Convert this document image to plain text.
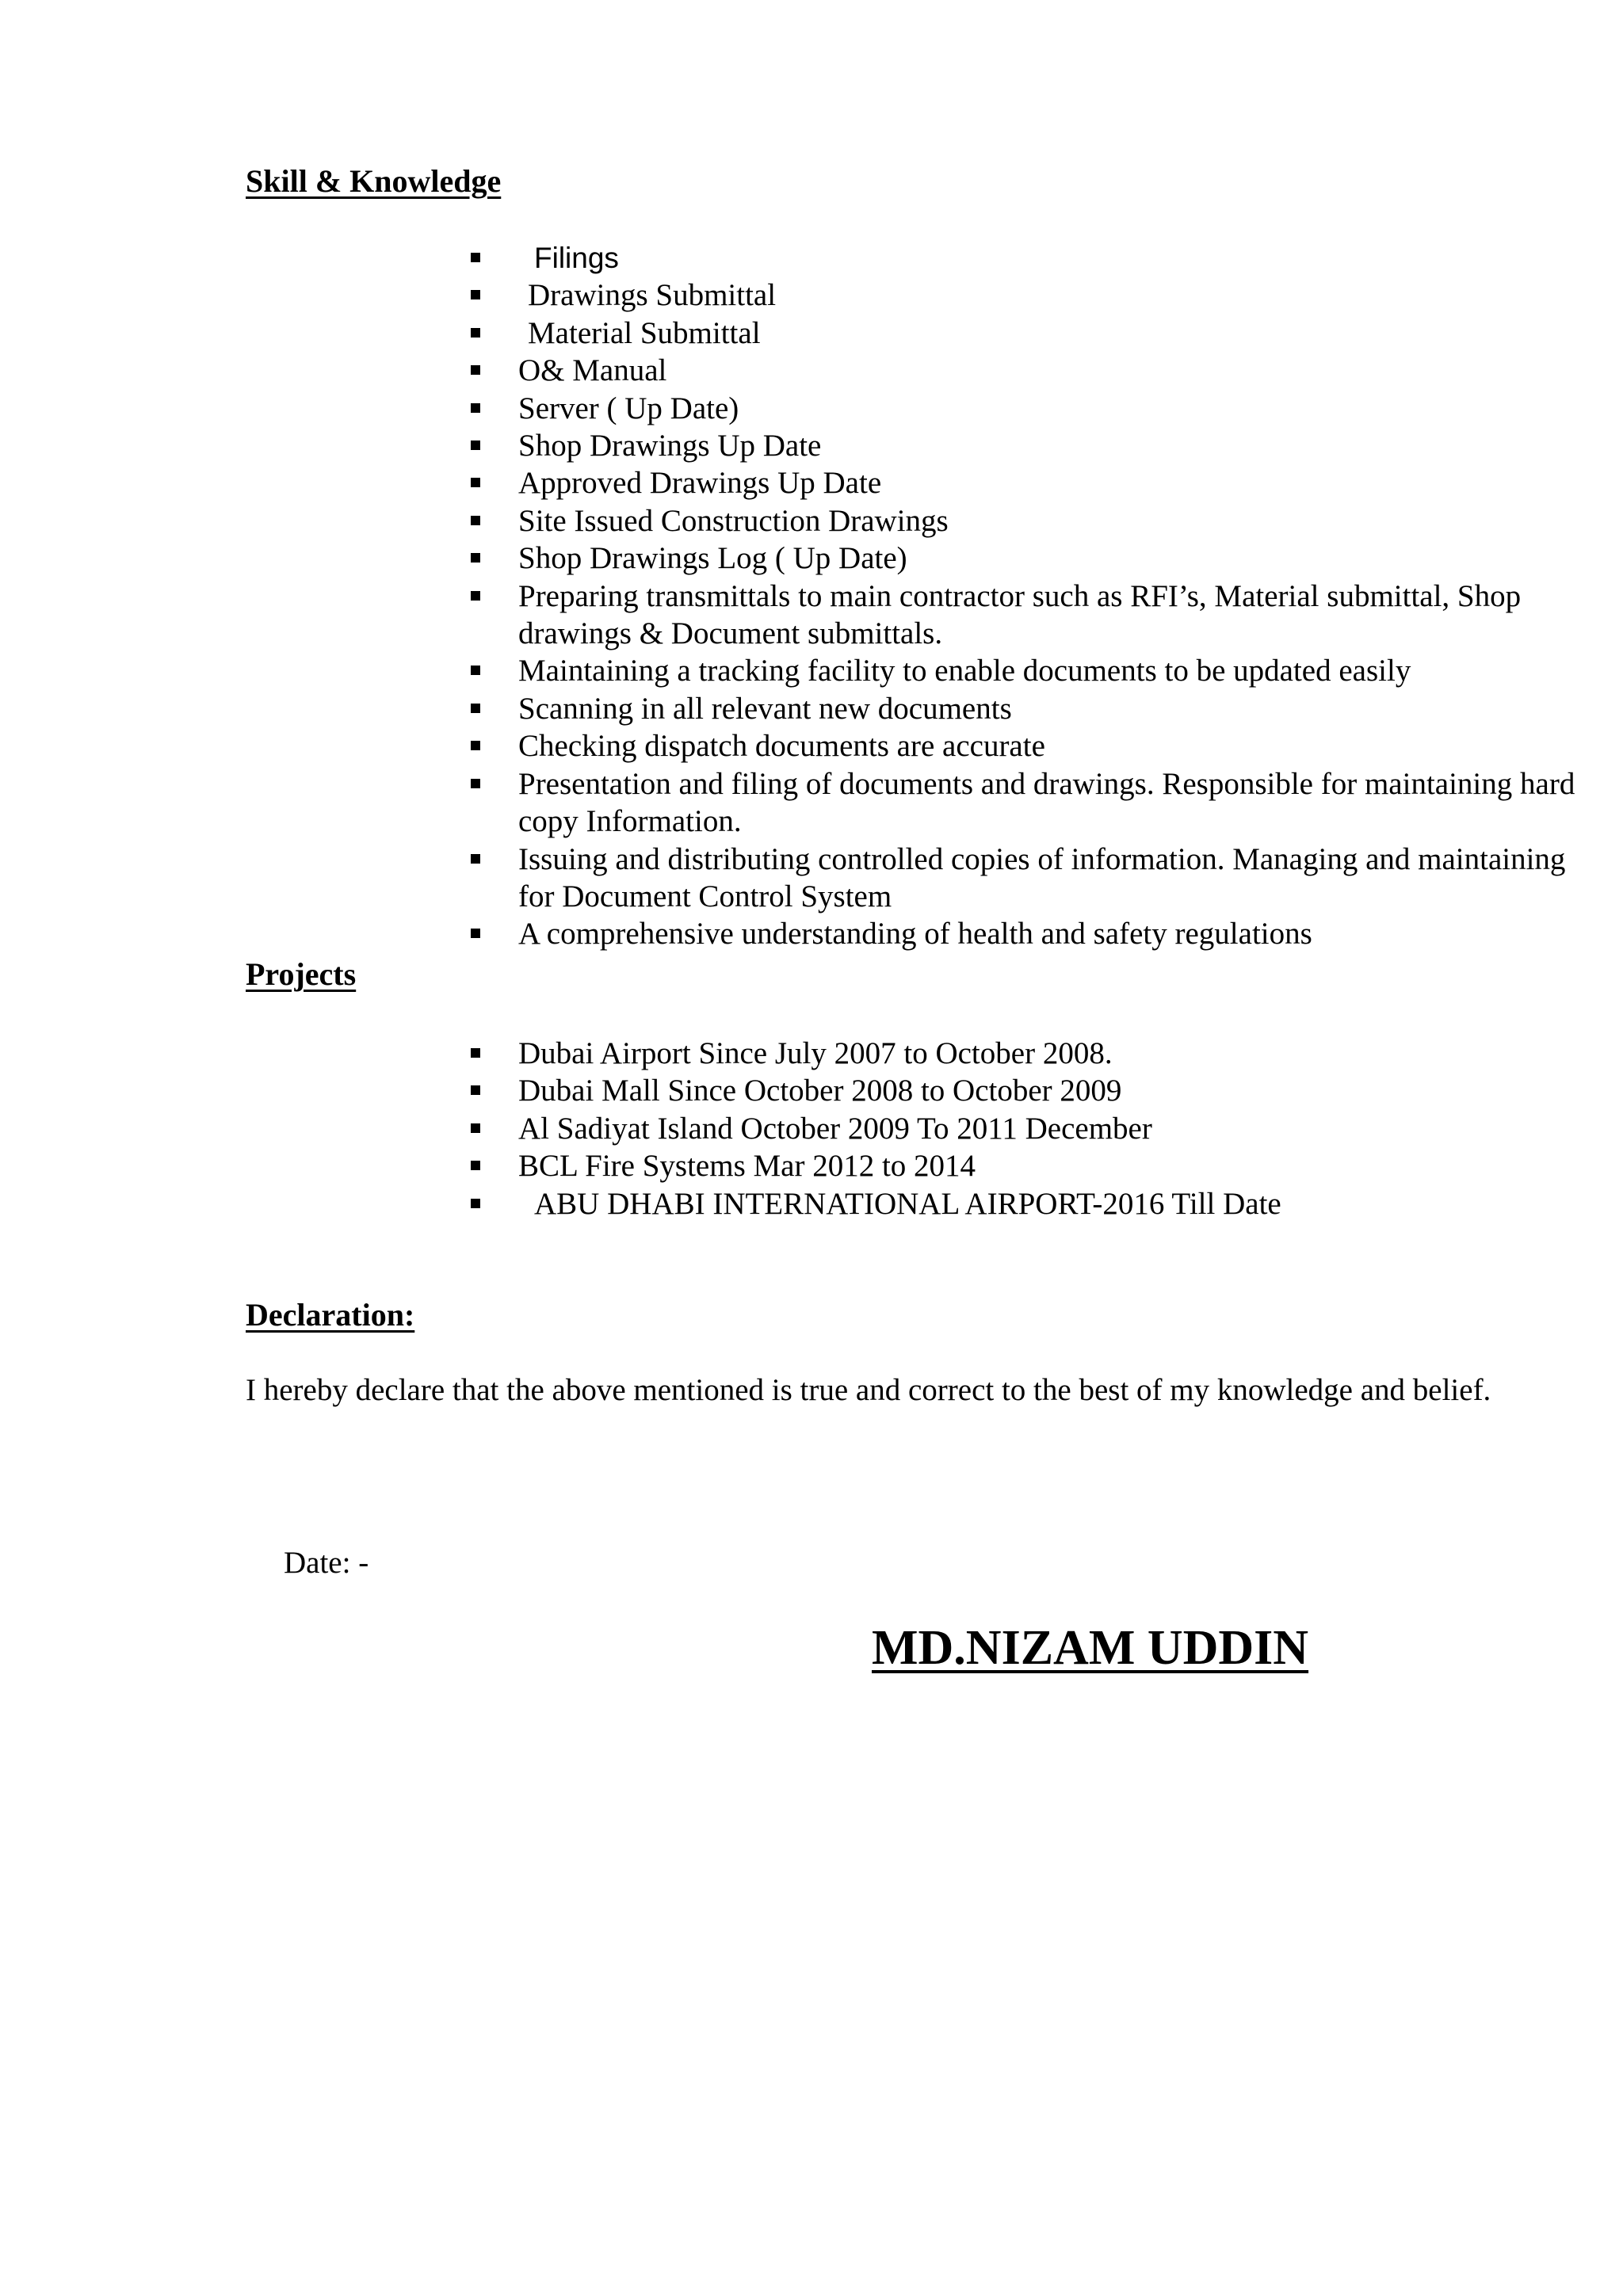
Skill & Knowledge
Filings
Drawings Submittal
Material Submittal
O& Manual
Server ( Up Date)
Shop Drawings Up Date
Approved Drawings Up Date
Site Issued Construction Drawings
Shop Drawings Log ( Up Date)
Preparing transmittals to main contractor such as RFI’s, Material submittal, Shop drawings & Document submittals.
Maintaining a tracking facility to enable documents to be updated easily
Scanning in all relevant new documents
Checking dispatch documents are accurate
Presentation and filing of documents and drawings. Responsible for maintaining hard copy Information.
Issuing and distributing controlled copies of information. Managing and maintaining for Document Control System
A comprehensive understanding of health and safety regulations
Projects
Dubai Airport Since July 2007 to October 2008.
Dubai Mall Since October 2008 to October 2009
Al Sadiyat Island October 2009 To 2011 December
BCL Fire Systems Mar 2012 to 2014
ABU DHABI INTERNATIONAL AIRPORT-2016 Till Date
Declaration:
I hereby declare that the above mentioned is true and correct to the best of my knowledge and belief.
Date: -
MD.NIZAM UDDIN
